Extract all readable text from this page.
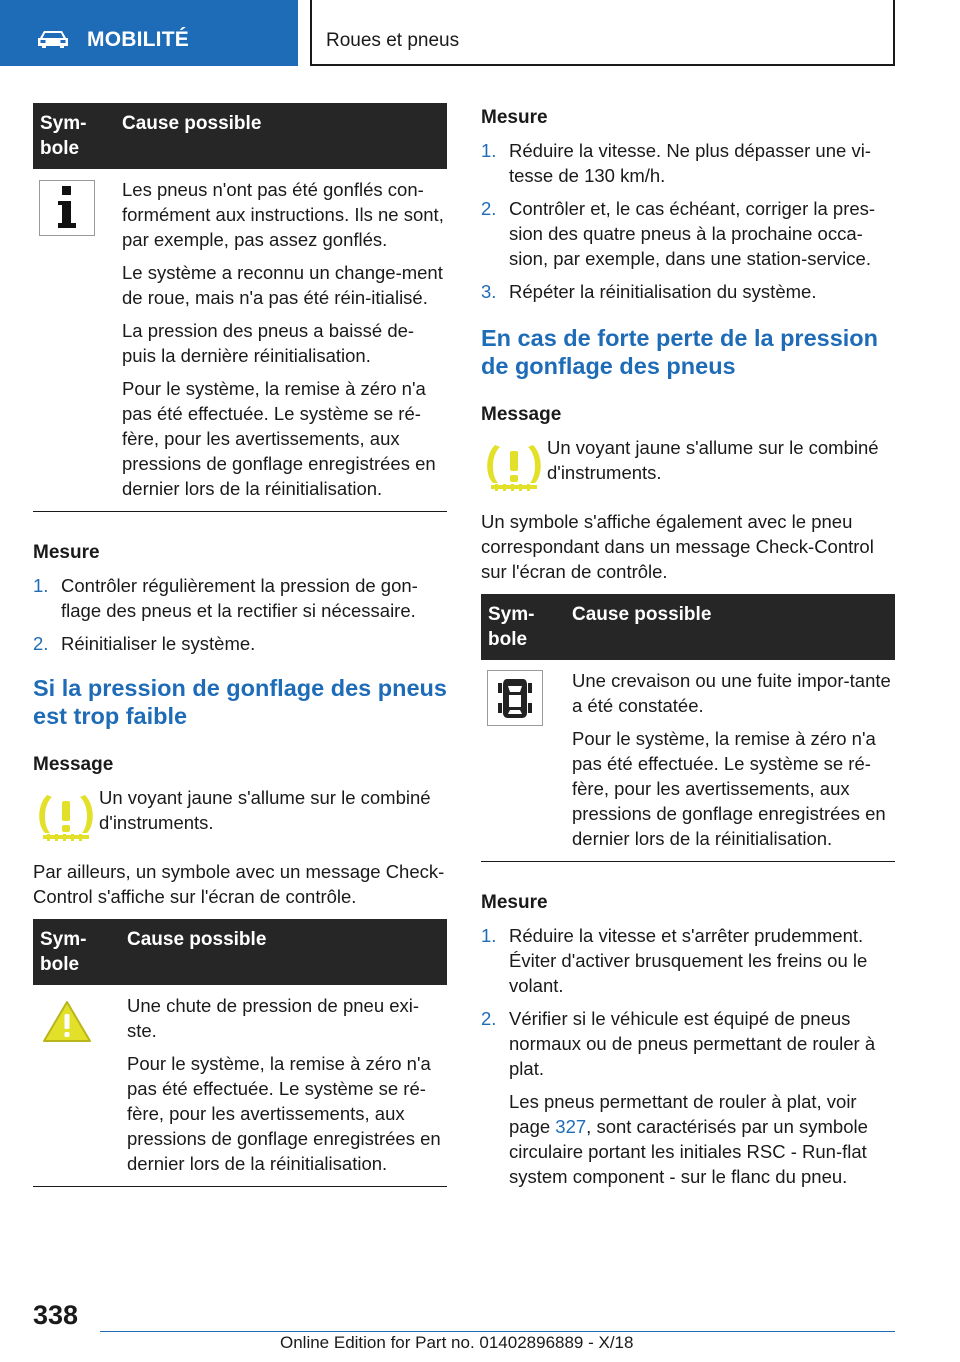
MOBILITÉ	Roues et pneus
Sym-
bole
Cause possible

Les pneus n'ont pas été gonflés con-formément aux instructions. Ils ne sont, par exemple, pas assez gonflés.

Le système a reconnu un change-ment de roue, mais n'a pas été réin-itialisé.

La pression des pneus a baissé de-puis la dernière réinitialisation.

Pour le système, la remise à zéro n'a pas été effectuée. Le système se ré-fère, pour les avertissements, aux pressions de gonflage enregistrées en dernier lors de la réinitialisation.

Mesure
1. Contrôler régulièrement la pression de gon-flage des pneus et la rectifier si nécessaire.
2. Réinitialiser le système.
Si la pression de gonflage des pneus est trop faible
Message
Un voyant jaune s'allume sur le combiné d'instruments.

Par ailleurs, un symbole avec un message Check-Control s'affiche sur l'écran de contrôle.

Sym-
bole
Cause possible

Une chute de pression de pneu exi-ste.

Pour le système, la remise à zéro n'a pas été effectuée. Le système se ré-fère, pour les avertissements, aux pressions de gonflage enregistrées en dernier lors de la réinitialisation.

Mesure
1. Réduire la vitesse. Ne plus dépasser une vi-tesse de 130 km/h.
2. Contrôler et, le cas échéant, corriger la pres-sion des quatre pneus à la prochaine occa-sion, par exemple, dans une station-service.
3. Répéter la réinitialisation du système.
En cas de forte perte de la pression de gonflage des pneus
Message
Un voyant jaune s'allume sur le combiné d'instruments.

Un symbole s'affiche également avec le pneu correspondant dans un message Check-Control sur l'écran de contrôle.

Sym-
bole
Cause possible

Une crevaison ou une fuite impor-tante a été constatée.

Pour le système, la remise à zéro n'a pas été effectuée. Le système se ré-fère, pour les avertissements, aux pressions de gonflage enregistrées en dernier lors de la réinitialisation.

Mesure
1. Réduire la vitesse et s'arrêter prudemment. Éviter d'activer brusquement les freins ou le volant.
2. Vérifier si le véhicule est équipé de pneus normaux ou de pneus permettant de rouler à plat.

Les pneus permettant de rouler à plat, voir page 327, sont caractérisés par un symbole circulaire portant les initiales RSC - Run-flat system component - sur le flanc du pneu.

338
Online Edition for Part no. 01402896889 - X/18
